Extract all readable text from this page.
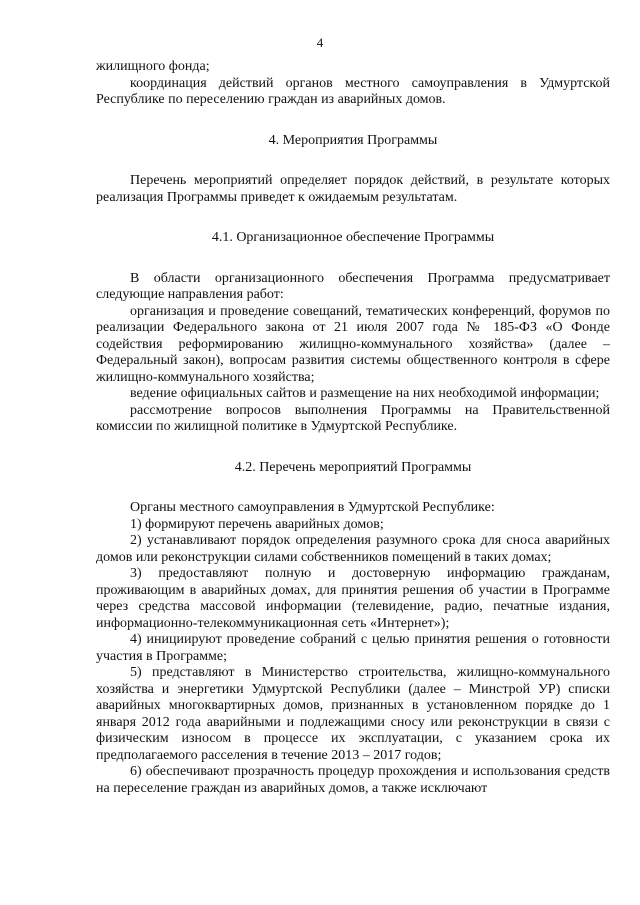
4

жилищного фонда;

координация действий органов местного самоуправления в Удмуртской Республике по переселению граждан из аварийных домов.

4. Мероприятия Программы

Перечень мероприятий определяет порядок действий, в результате которых реализация Программы приведет к ожидаемым результатам.

4.1. Организационное обеспечение Программы

В области организационного обеспечения Программа предусматривает следующие направления работ:

организация и проведение совещаний, тематических конференций, форумов по реализации Федерального закона от 21 июля 2007 года № 185-ФЗ «О Фонде содействия реформированию жилищно-коммунального хозяйства» (далее – Федеральный закон), вопросам развития системы общественного контроля в сфере жилищно-коммунального хозяйства;

ведение официальных сайтов и размещение на них необходимой информации;

рассмотрение вопросов выполнения Программы на Правительственной комиссии по жилищной политике в Удмуртской Республике.

4.2. Перечень мероприятий Программы

Органы местного самоуправления в Удмуртской Республике:

1) формируют перечень аварийных домов;

2) устанавливают порядок определения разумного срока для сноса аварийных домов или реконструкции силами собственников помещений в таких домах;

3) предоставляют полную и достоверную информацию гражданам, проживающим в аварийных домах, для принятия решения об участии в Программе через средства массовой информации (телевидение, радио, печатные издания, информационно-телекоммуникационная сеть «Интернет»);

4) инициируют проведение собраний с целью принятия решения о готовности участия в Программе;

5) представляют в Министерство строительства, жилищно-коммунального хозяйства и энергетики Удмуртской Республики (далее – Минстрой УР) списки аварийных многоквартирных домов, признанных в установленном порядке до 1 января 2012 года аварийными и подлежащими сносу или реконструкции в связи с физическим износом в процессе их эксплуатации, с указанием срока их предполагаемого расселения в течение 2013 – 2017 годов;

6) обеспечивают прозрачность процедур прохождения и использования средств на переселение граждан из аварийных домов, а также исключают
